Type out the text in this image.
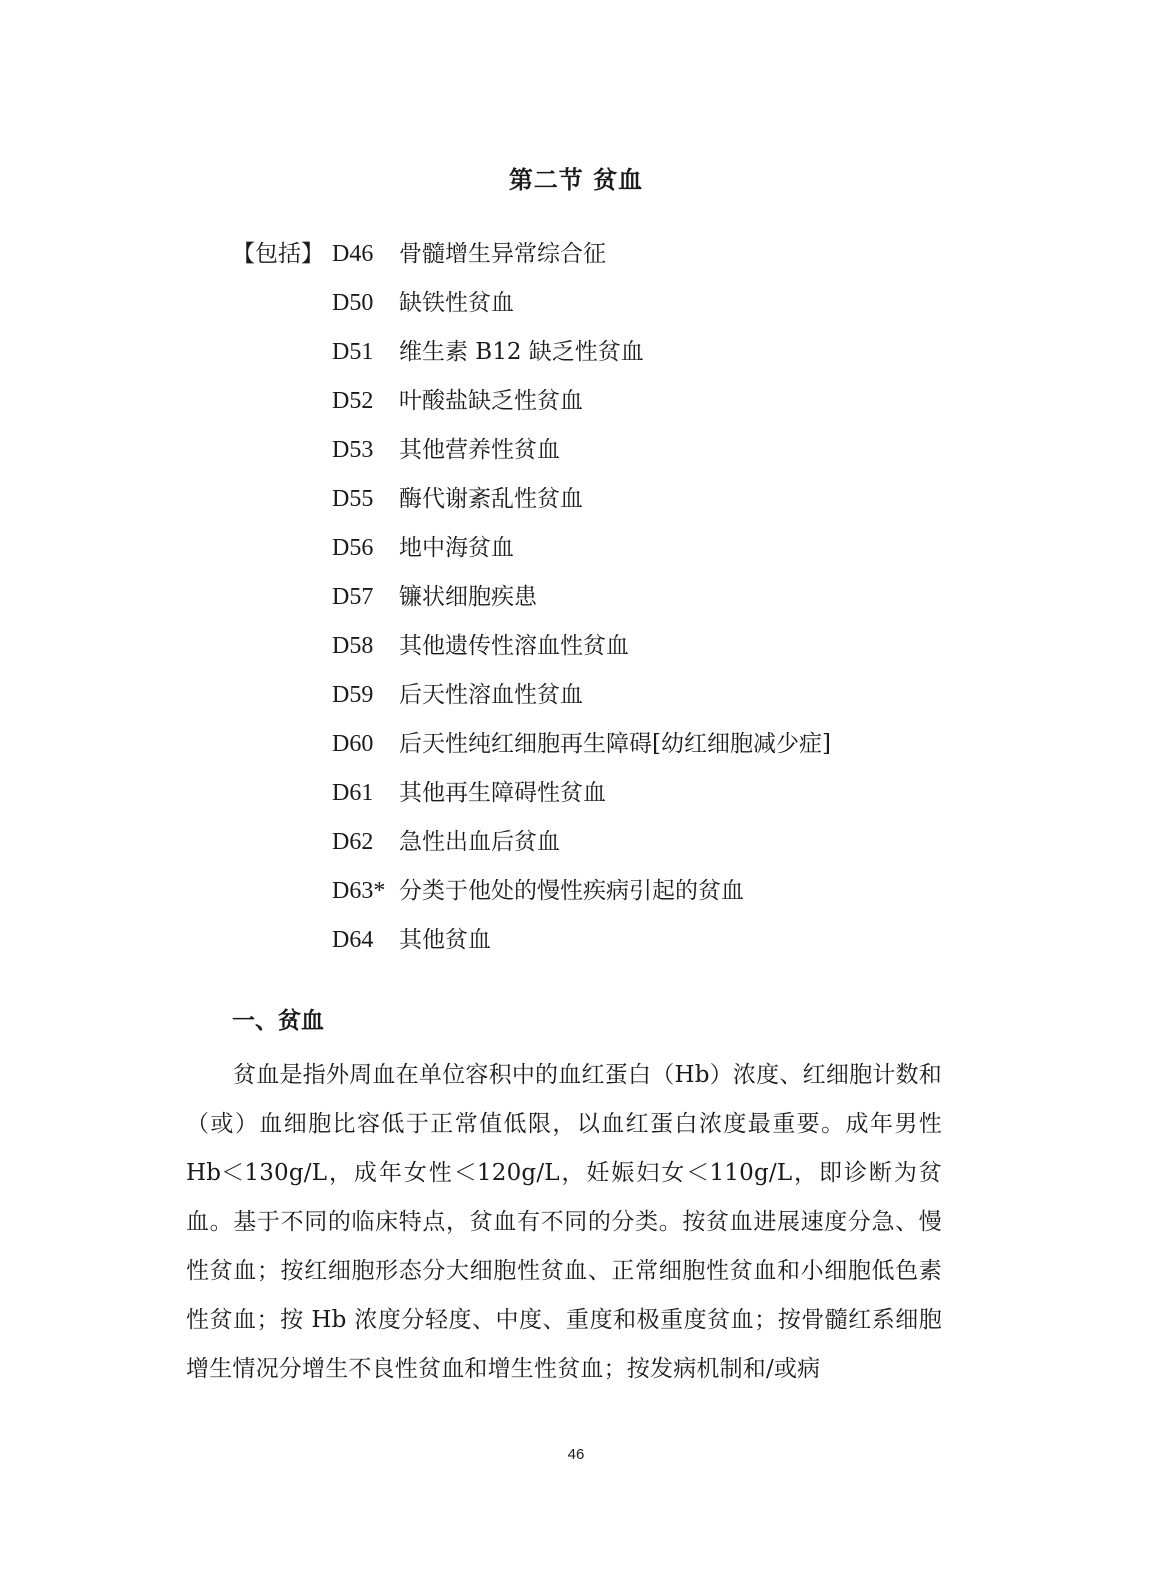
第二节 贫血
【包括】 D46 骨髓增生异常综合征
D50 缺铁性贫血
D51 维生素 B12 缺乏性贫血
D52 叶酸盐缺乏性贫血
D53 其他营养性贫血
D55 酶代谢紊乱性贫血
D56 地中海贫血
D57 镰状细胞疾患
D58 其他遗传性溶血性贫血
D59 后天性溶血性贫血
D60 后天性纯红细胞再生障碍[幼红细胞减少症]
D61 其他再生障碍性贫血
D62 急性出血后贫血
D63* 分类于他处的慢性疾病引起的贫血
D64 其他贫血
一、贫血

贫血是指外周血在单位容积中的血红蛋白（Hb）浓度、红细胞计数和（或）血细胞比容低于正常值低限，以血红蛋白浓度最重要。成年男性 Hb＜130g/L，成年女性＜120g/L，妊娠妇女＜110g/L，即诊断为贫血。基于不同的临床特点，贫血有不同的分类。按贫血进展速度分急、慢性贫血；按红细胞形态分大细胞性贫血、正常细胞性贫血和小细胞低色素性贫血；按 Hb 浓度分轻度、中度、重度和极重度贫血；按骨髓红系细胞增生情况分增生不良性贫血和增生性贫血；按发病机制和/或病

46
